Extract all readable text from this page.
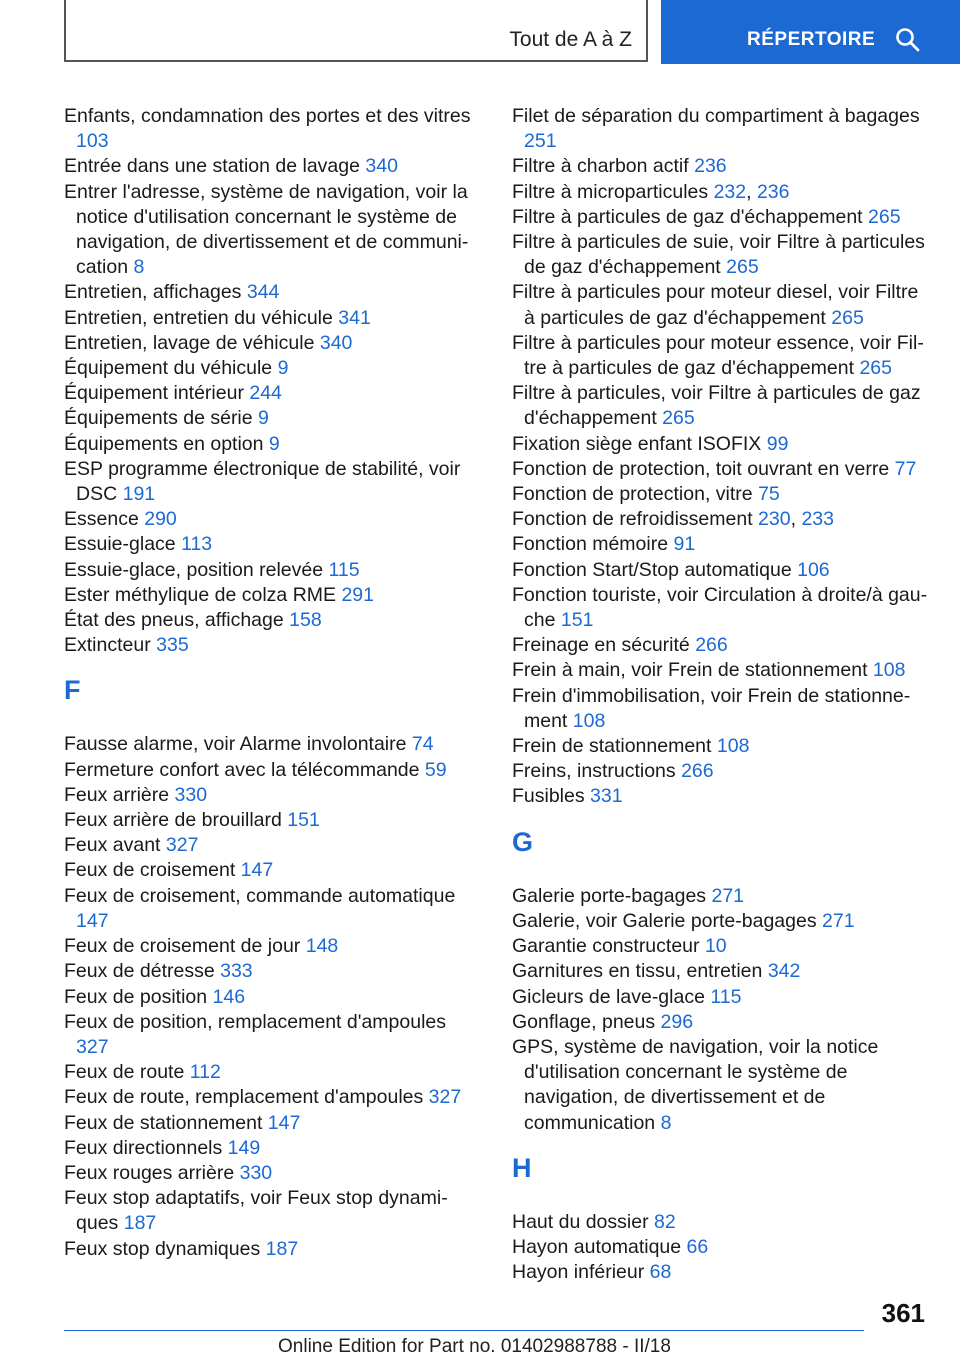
Tout de A à Z	RÉPERTOIRE

Enfants, condamnation des portes et des vitres 103

Entrée dans une station de lavage 340

Entrer l'adresse, système de navigation, voir la notice d'utilisation concernant le système de navigation, de divertissement et de communication 8

Entretien, affichages 344

Entretien, entretien du véhicule 341

Entretien, lavage de véhicule 340

Équipement du véhicule 9

Équipement intérieur 244

Équipements de série 9

Équipements en option 9

ESP programme électronique de stabilité, voir DSC 191

Essence 290

Essuie-glace 113

Essuie-glace, position relevée 115

Ester méthylique de colza RME 291

État des pneus, affichage 158

Extincteur 335

F

Fausse alarme, voir Alarme involontaire 74

Fermeture confort avec la télécommande 59

Feux arrière 330

Feux arrière de brouillard 151

Feux avant 327

Feux de croisement 147

Feux de croisement, commande automatique 147

Feux de croisement de jour 148

Feux de détresse 333

Feux de position 146

Feux de position, remplacement d'ampoules 327

Feux de route 112

Feux de route, remplacement d'ampoules 327

Feux de stationnement 147

Feux directionnels 149

Feux rouges arrière 330

Feux stop adaptatifs, voir Feux stop dynamiques 187

Feux stop dynamiques 187

Filet de séparation du compartiment à bagages 251

Filtre à charbon actif 236

Filtre à microparticules 232, 236

Filtre à particules de gaz d'échappement 265

Filtre à particules de suie, voir Filtre à particules de gaz d'échappement 265

Filtre à particules pour moteur diesel, voir Filtre à particules de gaz d'échappement 265

Filtre à particules pour moteur essence, voir Filtre à particules de gaz d'échappement 265

Filtre à particules, voir Filtre à particules de gaz d'échappement 265

Fixation siège enfant ISOFIX 99

Fonction de protection, toit ouvrant en verre 77

Fonction de protection, vitre 75

Fonction de refroidissement 230, 233

Fonction mémoire 91

Fonction Start/Stop automatique 106

Fonction touriste, voir Circulation à droite/à gauche 151

Freinage en sécurité 266

Frein à main, voir Frein de stationnement 108

Frein d'immobilisation, voir Frein de stationnement 108

Frein de stationnement 108

Freins, instructions 266

Fusibles 331

G

Galerie porte-bagages 271

Galerie, voir Galerie porte-bagages 271

Garantie constructeur 10

Garnitures en tissu, entretien 342

Gicleurs de lave-glace 115

Gonflage, pneus 296

GPS, système de navigation, voir la notice d'utilisation concernant le système de navigation, de divertissement et de communication 8

H

Haut du dossier 82

Hayon automatique 66

Hayon inférieur 68

361
Online Edition for Part no. 01402988788 - II/18
